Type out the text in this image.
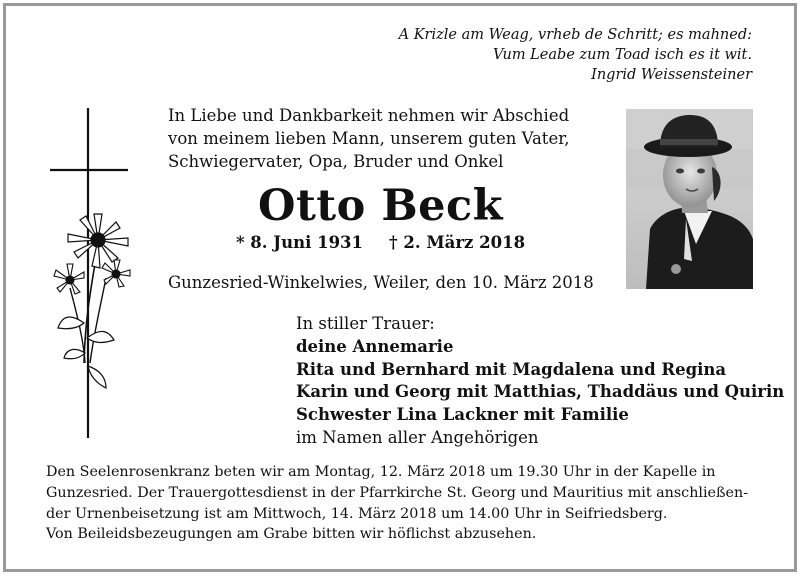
A Krizle am Weag, vrheb de Schritt; es mahned:
Vum Leabe zum Toad isch es it wit.
Ingrid Weissensteiner
In Liebe und Dankbarkeit nehmen wir Abschied
von meinem lieben Mann, unserem guten Vater,
Schwiegervater, Opa, Bruder und Onkel
Otto Beck
* 8. Juni 1931 † 2. März 2018
Gunzesried-Winkelwies, Weiler, den 10. März 2018
In stiller Trauer:
deine Annemarie
Rita und Bernhard mit Magdalena und Regina
Karin und Georg mit Matthias, Thaddäus und Quirin
Schwester Lina Lackner mit Familie
im Namen aller Angehörigen
Den Seelenrosenkranz beten wir am Montag, 12. März 2018 um 19.30 Uhr in der Kapelle in
Gunzesried. Der Trauergottesdienst in der Pfarrkirche St. Georg und Mauritius mit anschließen-
der Urnenbeisetzung ist am Mittwoch, 14. März 2018 um 14.00 Uhr in Seifriedsberg.
Von Beileidsbezeugungen am Grabe bitten wir höflichst abzusehen.
